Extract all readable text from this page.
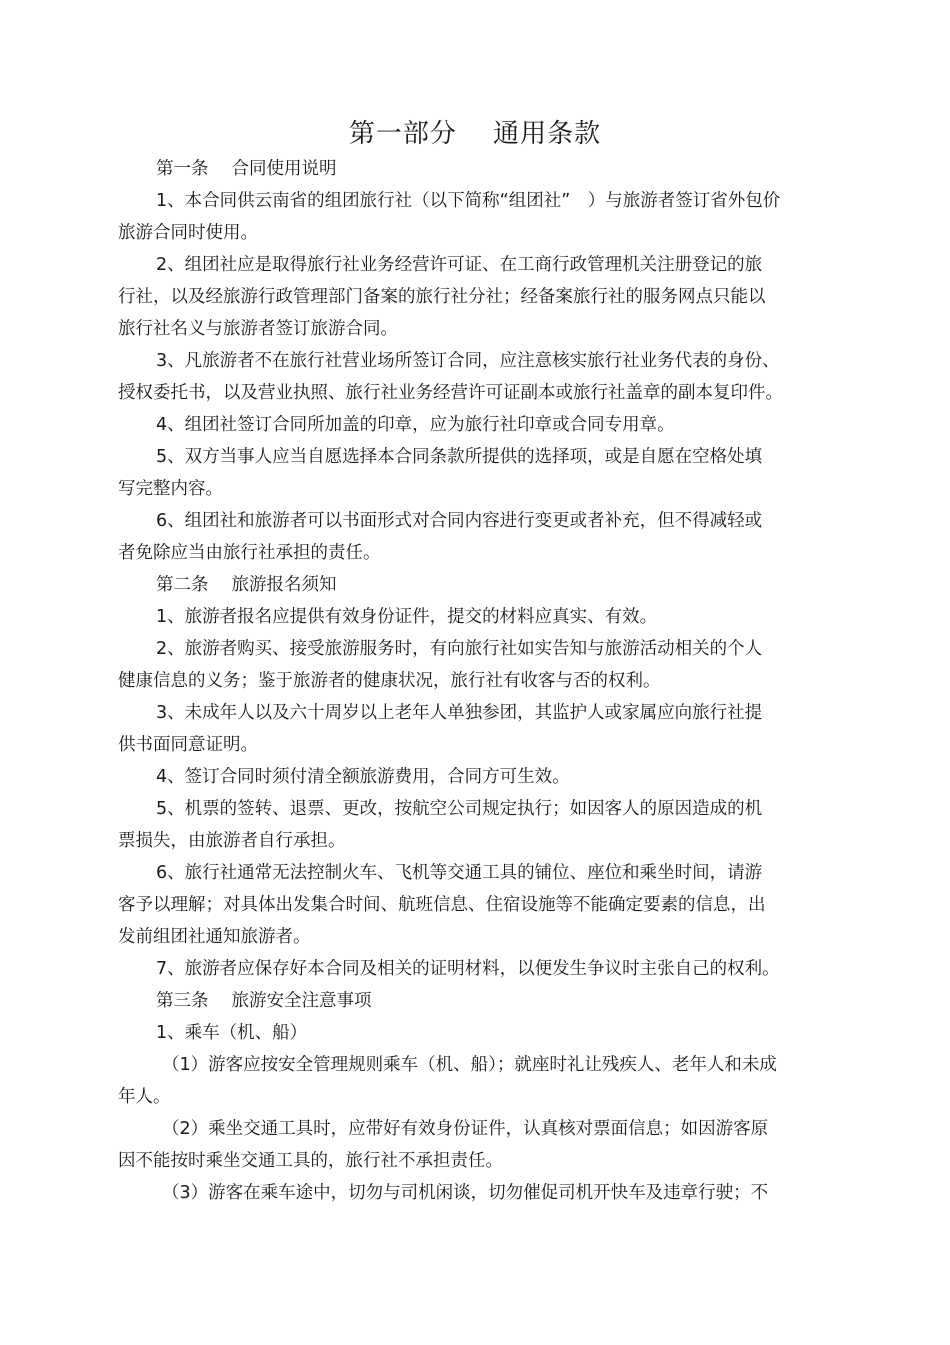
第一部分　 通用条款
第一条　 合同使用说明
1、本合同供云南省的组团旅行社（以下简称“组团社”　）与旅游者签订省外包价
旅游合同时使用。
2、组团社应是取得旅行社业务经营许可证、在工商行政管理机关注册登记的旅
行社，以及经旅游行政管理部门备案的旅行社分社；经备案旅行社的服务网点只能以
旅行社名义与旅游者签订旅游合同。
3、凡旅游者不在旅行社营业场所签订合同，应注意核实旅行社业务代表的身份、
授权委托书，以及营业执照、旅行社业务经营许可证副本或旅行社盖章的副本复印件。
4、组团社签订合同所加盖的印章，应为旅行社印章或合同专用章。
5、双方当事人应当自愿选择本合同条款所提供的选择项，或是自愿在空格处填
写完整内容。
6、组团社和旅游者可以书面形式对合同内容进行变更或者补充，但不得减轻或
者免除应当由旅行社承担的责任。
第二条　 旅游报名须知
1、旅游者报名应提供有效身份证件，提交的材料应真实、有效。
2、旅游者购买、接受旅游服务时，有向旅行社如实告知与旅游活动相关的个人
健康信息的义务；鉴于旅游者的健康状况，旅行社有收客与否的权利。
3、未成年人以及六十周岁以上老年人单独参团，其监护人或家属应向旅行社提
供书面同意证明。
4、签订合同时须付清全额旅游费用，合同方可生效。
5、机票的签转、退票、更改，按航空公司规定执行；如因客人的原因造成的机
票损失，由旅游者自行承担。
6、旅行社通常无法控制火车、飞机等交通工具的铺位、座位和乘坐时间，请游
客予以理解；对具体出发集合时间、航班信息、住宿设施等不能确定要素的信息，出
发前组团社通知旅游者。
7、旅游者应保存好本合同及相关的证明材料，以便发生争议时主张自己的权利。
第三条　 旅游安全注意事项
1、乘车（机、船）
（1）游客应按安全管理规则乘车（机、船）；就座时礼让残疾人、老年人和未成
年人。
（2）乘坐交通工具时，应带好有效身份证件，认真核对票面信息；如因游客原
因不能按时乘坐交通工具的，旅行社不承担责任。
（3）游客在乘车途中，切勿与司机闲谈，切勿催促司机开快车及违章行驶；不
